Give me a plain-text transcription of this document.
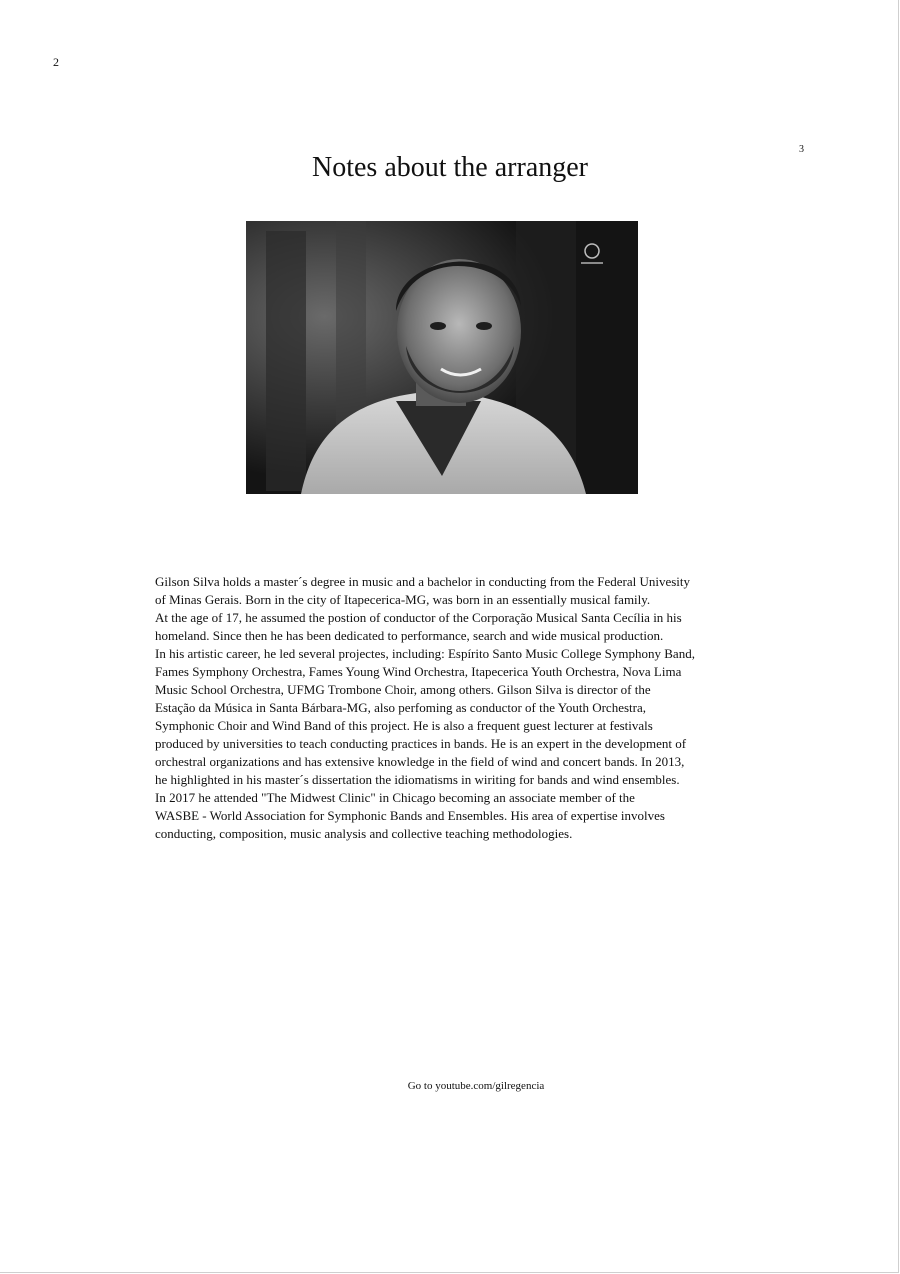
2
3
Notes about the arranger

Gilson Silva holds a master´s degree in music and a bachelor in conducting from the Federal Univesity

of Minas Gerais. Born in the city of Itapecerica-MG, was born in an essentially musical family.

At the age of 17, he assumed the postion of conductor of the Corporação Musical Santa Cecília in his

homeland. Since then he has been dedicated to performance, search and wide musical production.

In his artistic career, he led several projectes, including: Espírito Santo Music College Symphony Band,

Fames Symphony Orchestra, Fames Young Wind Orchestra, Itapecerica Youth Orchestra, Nova Lima

Music School Orchestra, UFMG Trombone Choir, among others. Gilson Silva is director of the

Estação da Música in Santa Bárbara-MG, also perfoming as conductor of the Youth Orchestra,

Symphonic Choir and Wind Band of this project. He is also a frequent guest lecturer at festivals

produced by universities to teach conducting practices in bands. He is an expert in the development of

orchestral organizations and has extensive knowledge in the field of wind and concert bands. In 2013,

he highlighted in his master´s dissertation the idiomatisms in wiriting for bands and wind ensembles.

In 2017 he attended "The Midwest Clinic" in Chicago becoming an associate member of the

WASBE - World Association for Symphonic Bands and Ensembles. His area of expertise involves

conducting, composition, music analysis and collective teaching methodologies.

Go to youtube.com/gilregencia
